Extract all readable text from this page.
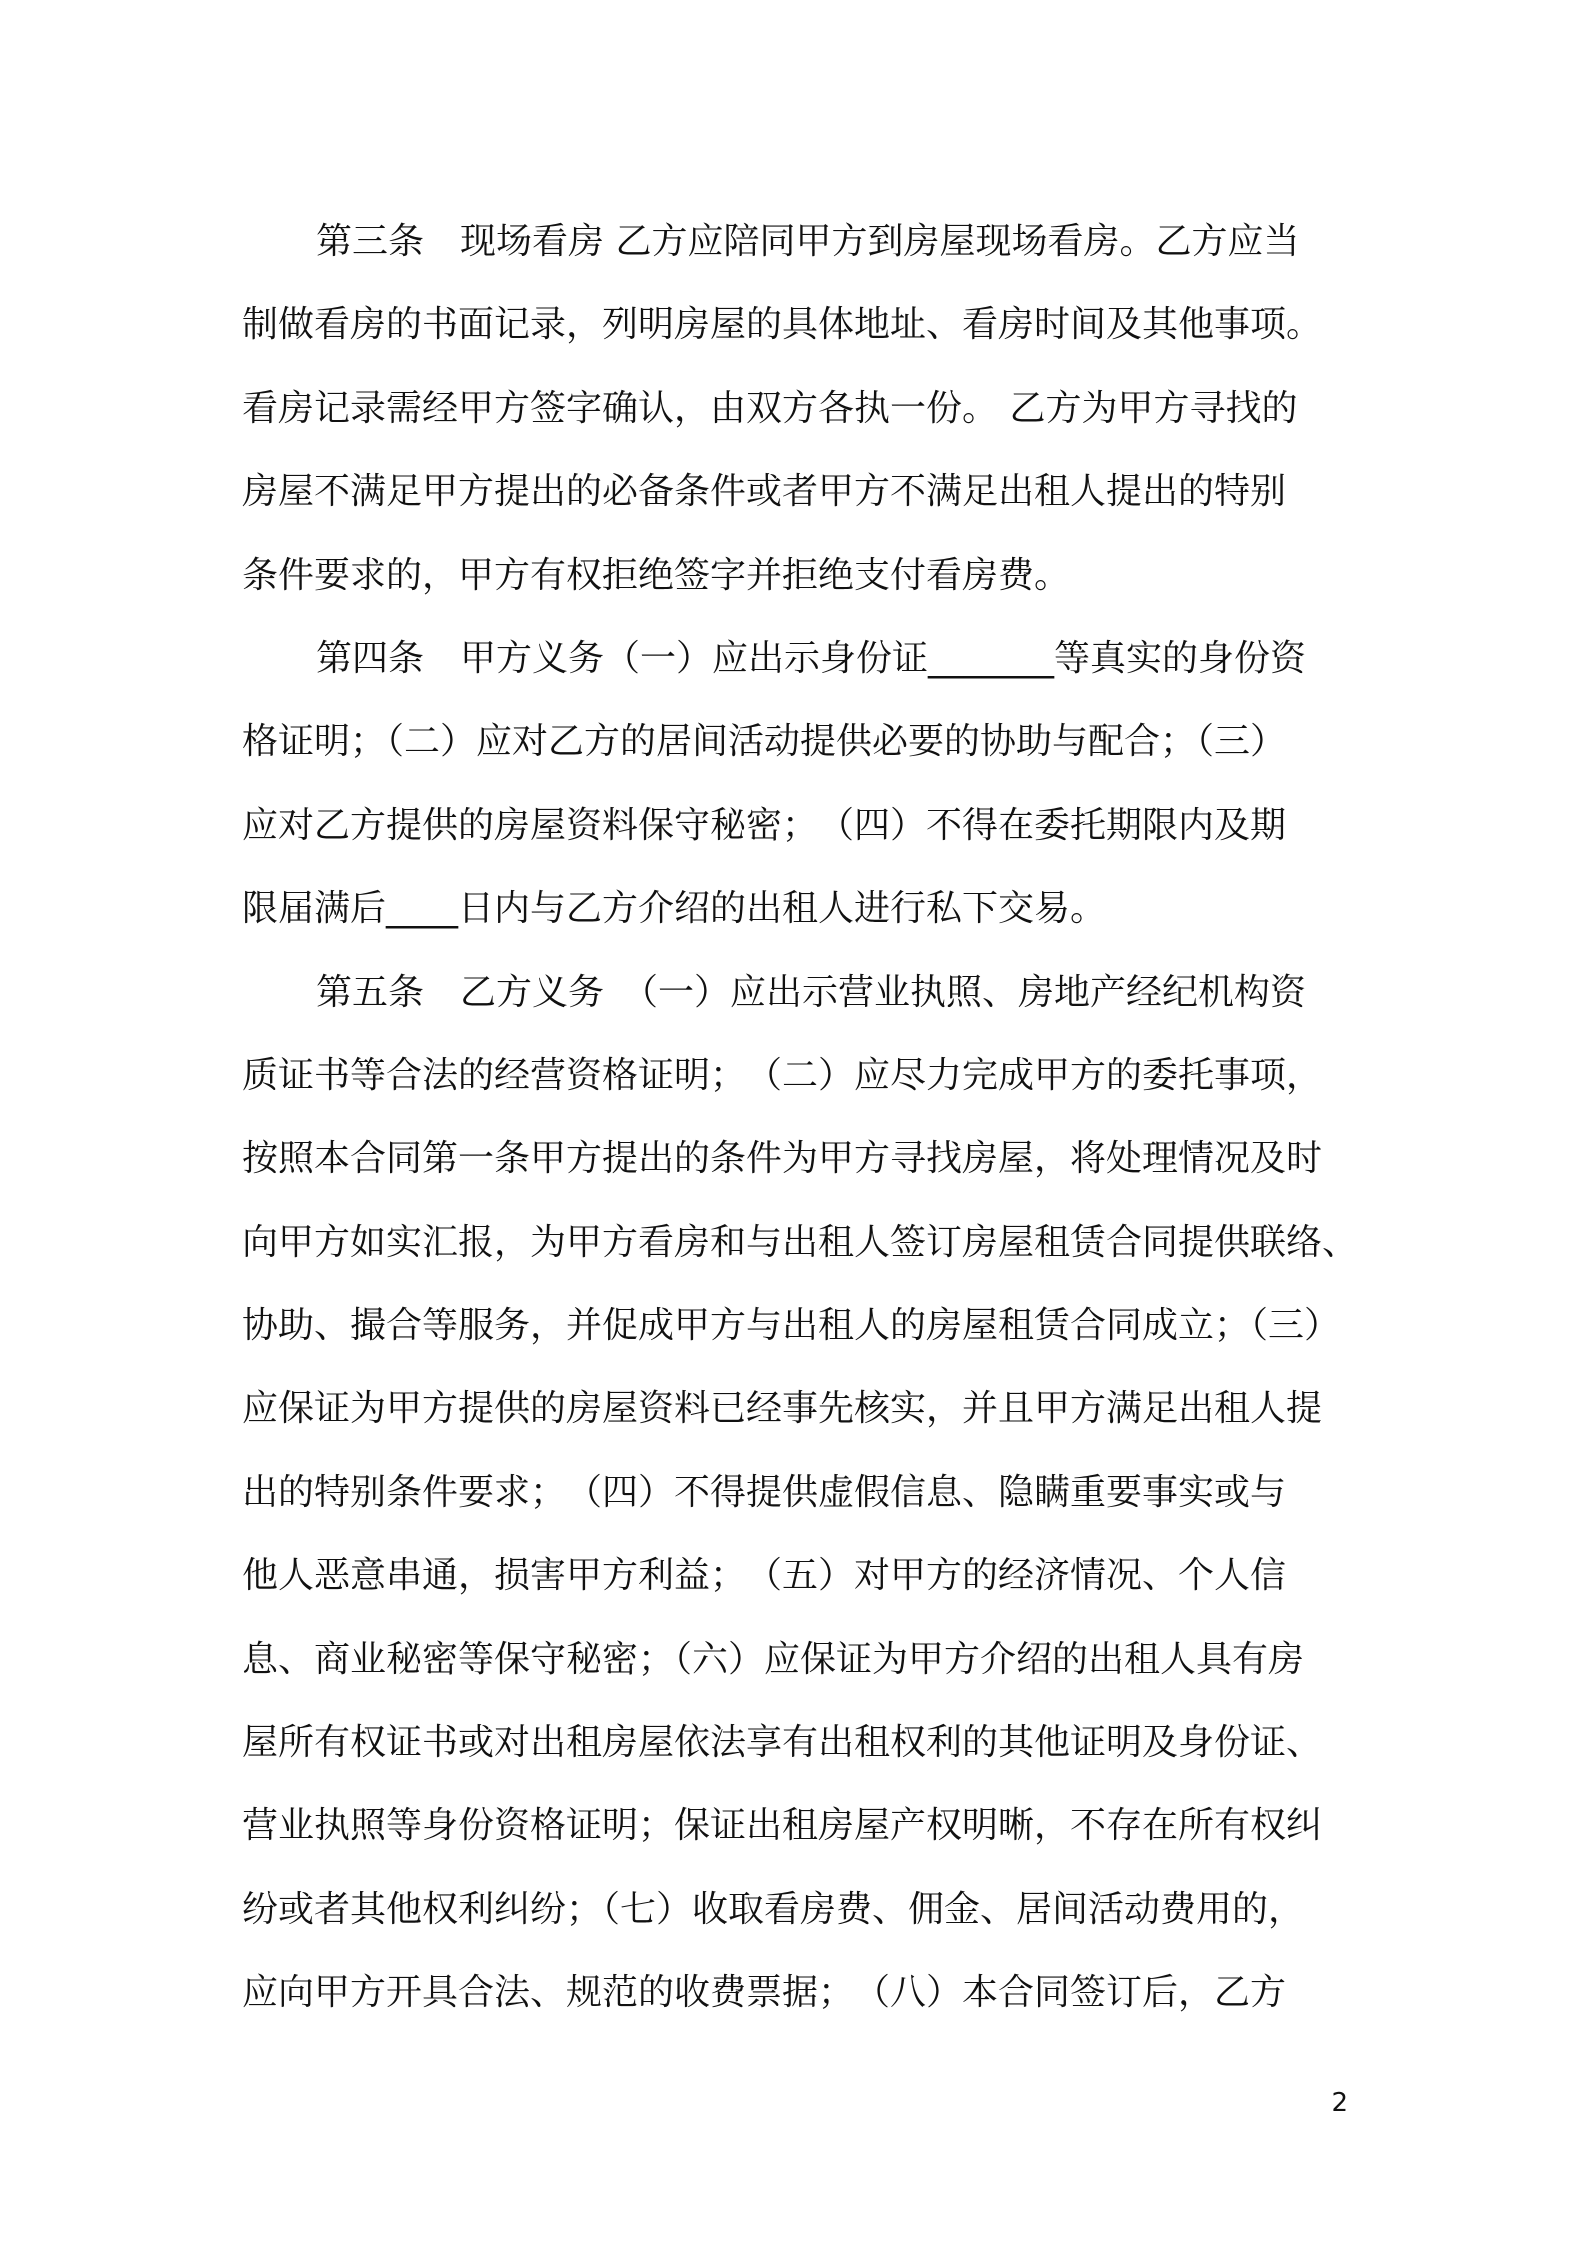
第三条　现场看房 乙方应陪同甲方到房屋现场看房。乙方应当
制做看房的书面记录，列明房屋的具体地址、看房时间及其他事项。
看房记录需经甲方签字确认，由双方各执一份。 乙方为甲方寻找的
房屋不满足甲方提出的必备条件或者甲方不满足出租人提出的特别
条件要求的，甲方有权拒绝签字并拒绝支付看房费。
第四条　甲方义务（一）应出示身份证_______等真实的身份资
格证明；（二）应对乙方的居间活动提供必要的协助与配合；（三）
应对乙方提供的房屋资料保守秘密；　（四）不得在委托期限内及期
限届满后____日内与乙方介绍的出租人进行私下交易。
第五条　乙方义务　（一）应出示营业执照、房地产经纪机构资
质证书等合法的经营资格证明；　（二）应尽力完成甲方的委托事项，
按照本合同第一条甲方提出的条件为甲方寻找房屋，将处理情况及时
向甲方如实汇报，为甲方看房和与出租人签订房屋租赁合同提供联络、
协助、撮合等服务，并促成甲方与出租人的房屋租赁合同成立；（三）
应保证为甲方提供的房屋资料已经事先核实，并且甲方满足出租人提
出的特别条件要求；　（四）不得提供虚假信息、隐瞒重要事实或与
他人恶意串通，损害甲方利益；　（五）对甲方的经济情况、个人信
息、商业秘密等保守秘密；（六）应保证为甲方介绍的出租人具有房
屋所有权证书或对出租房屋依法享有出租权利的其他证明及身份证、
营业执照等身份资格证明；保证出租房屋产权明晰，不存在所有权纠
纷或者其他权利纠纷；（七）收取看房费、佣金、居间活动费用的，
应向甲方开具合法、规范的收费票据；　（八）本合同签订后，乙方
2
